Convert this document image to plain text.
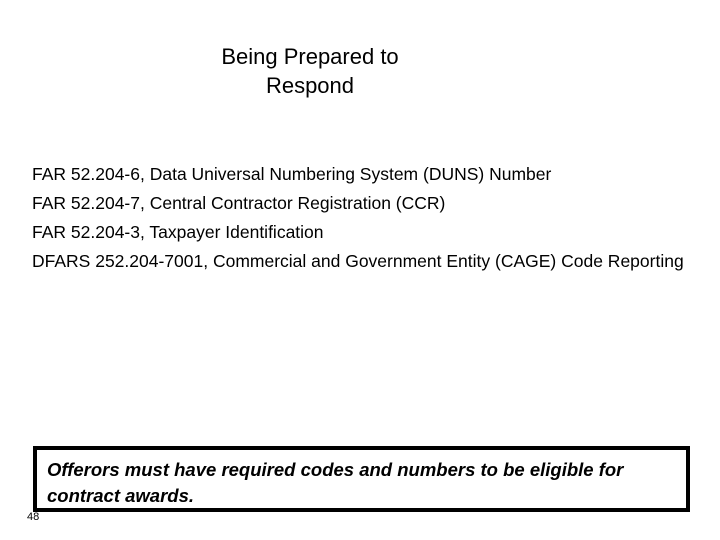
Being Prepared to
Respond
FAR 52.204-6, Data Universal Numbering System (DUNS) Number
FAR 52.204-7, Central Contractor Registration (CCR)
FAR 52.204-3, Taxpayer Identification
DFARS 252.204-7001, Commercial and Government Entity (CAGE) Code Reporting
Offerors must have required codes and numbers to be eligible for contract awards.
48
